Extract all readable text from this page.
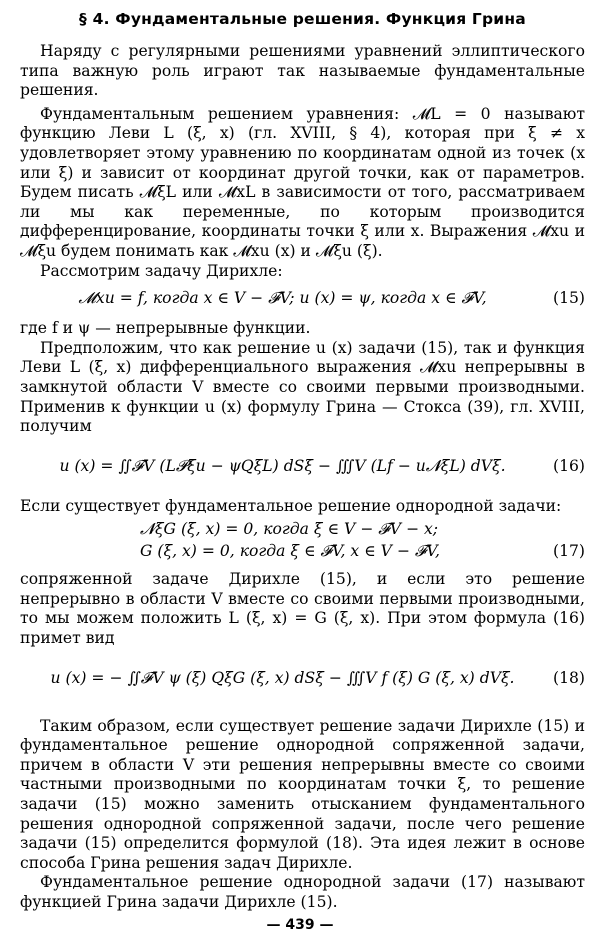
§ 4. Фундаментальные решения. Функция Грина

Наряду с регулярными решениями уравнений эллиптического типа важную роль играют так называемые фундаментальные решения.

Фундаментальным решением уравнения: 𝓜L = 0 называют функцию Леви L (ξ, x) (гл. XVIII, § 4), которая при ξ ≠ x удовлетворяет этому уравнению по координатам одной из точек (x или ξ) и зависит от координат другой точки, как от параметров. Будем писать 𝓜ξL или 𝓜xL в зависимости от того, рассматриваем ли мы как переменные, по которым производится дифференцирование, координаты точки ξ или x. Выражения 𝓜xu и 𝓜ξu будем понимать как 𝓜xu (x) и 𝓜ξu (ξ).

Рассмотрим задачу Дирихле:

𝓜xu = f, когда x ∈ V − 𝓕V; u (x) = ψ, когда x ∈ 𝓕V,	(15)

где f и ψ — непрерывные функции.

Предположим, что как решение u (x) задачи (15), так и функция Леви L (ξ, x) дифференциального выражения 𝓜xu непрерывны в замкнутой области V вместе со своими первыми производными. Применив к функции u (x) формулу Грина — Стокса (39), гл. XVIII, получим

u (x) = ∬𝓕V (L𝓟ξu − ψQξL) dSξ − ∭V (Lf − u𝓝ξL) dVξ.	(16)

Если существует фундаментальное решение однородной задачи:

𝓝ξG (ξ, x) = 0, когда ξ ∈ V − 𝓕V − x;
G (ξ, x) = 0, когда ξ ∈ 𝓕V, x ∈ V − 𝓕V,	(17)

сопряженной задаче Дирихле (15), и если это решение непрерывно в области V вместе со своими первыми производными, то мы можем положить L (ξ, x) = G (ξ, x). При этом формула (16) примет вид

u (x) = − ∬𝓕V ψ (ξ) QξG (ξ, x) dSξ − ∭V f (ξ) G (ξ, x) dVξ.	(18)

Таким образом, если существует решение задачи Дирихле (15) и фундаментальное решение однородной сопряженной задачи, причем в области V эти решения непрерывны вместе со своими частными производными по координатам точки ξ, то решение задачи (15) можно заменить отысканием фундаментального решения однородной сопряженной задачи, после чего решение задачи (15) определится формулой (18). Эта идея лежит в основе способа Грина решения задач Дирихле.

Фундаментальное решение однородной задачи (17) называют функцией Грина задачи Дирихле (15).

— 439 —
